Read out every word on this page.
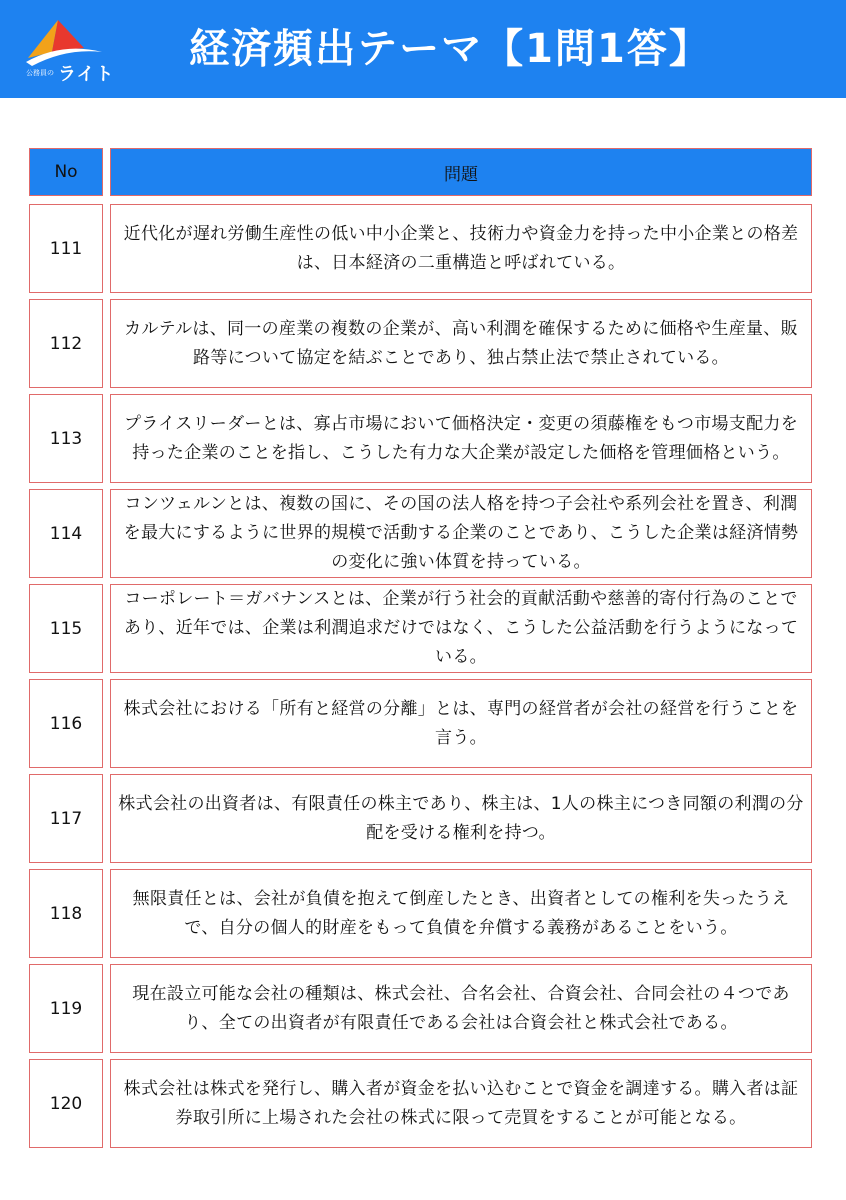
公務員の ライト
経済頻出テーマ【1問1答】
No	問題
111
近代化が遅れ労働生産性の低い中小企業と、技術力や資金力を持った中小企業との格差は、日本経済の二重構造と呼ばれている。
112
カルテルは、同一の産業の複数の企業が、高い利潤を確保するために価格や生産量、販路等について協定を結ぶことであり、独占禁止法で禁止されている。
113
プライスリーダーとは、寡占市場において価格決定・変更の須藤権をもつ市場支配力を持った企業のことを指し、こうした有力な大企業が設定した価格を管理価格という。
114
コンツェルンとは、複数の国に、その国の法人格を持つ子会社や系列会社を置き、利潤を最大にするように世界的規模で活動する企業のことであり、こうした企業は経済情勢の変化に強い体質を持っている。
115
コーポレート＝ガバナンスとは、企業が行う社会的貢献活動や慈善的寄付行為のことであり、近年では、企業は利潤追求だけではなく、こうした公益活動を行うようになっている。
116
株式会社における「所有と経営の分離」とは、専門の経営者が会社の経営を行うことを言う。
117
株式会社の出資者は、有限責任の株主であり、株主は、1人の株主につき同額の利潤の分配を受ける権利を持つ。
118
無限責任とは、会社が負債を抱えて倒産したとき、出資者としての権利を失ったうえで、自分の個人的財産をもって負債を弁償する義務があることをいう。
119
現在設立可能な会社の種類は、株式会社、合名会社、合資会社、合同会社の４つであり、全ての出資者が有限責任である会社は合資会社と株式会社である。
120
株式会社は株式を発行し、購入者が資金を払い込むことで資金を調達する。購入者は証券取引所に上場された会社の株式に限って売買をすることが可能となる。
